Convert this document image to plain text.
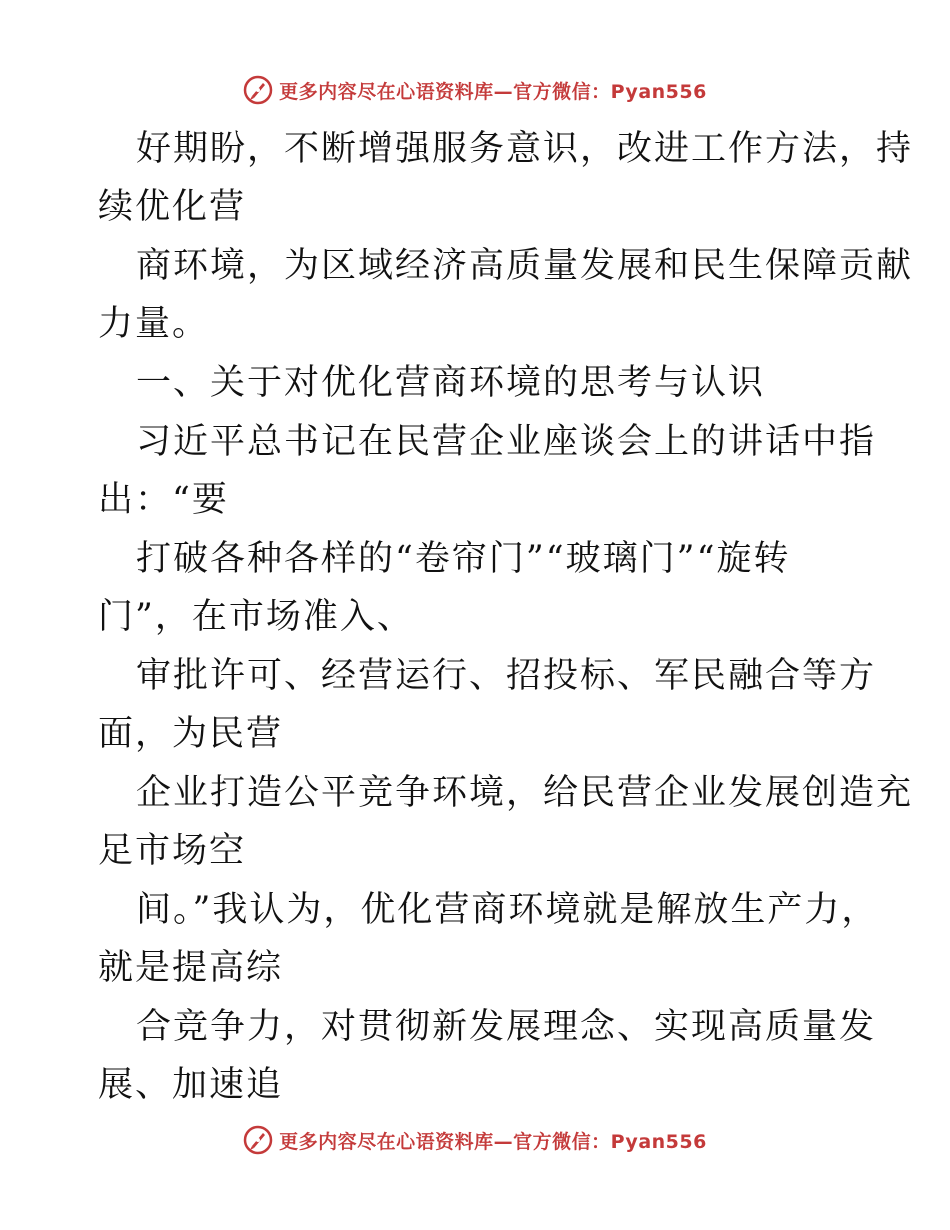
更多内容尽在心语资料库—官方微信：Pyan556
好期盼，不断增强服务意识，改进工作方法，持
续优化营
商环境，为区域经济高质量发展和民生保障贡献
力量。
一、关于对优化营商环境的思考与认识
习近平总书记在民营企业座谈会上的讲话中指
出：“要
打破各种各样的“卷帘门”“玻璃门”“旋转
门”，在市场准入、
审批许可、经营运行、招投标、军民融合等方
面，为民营
企业打造公平竞争环境，给民营企业发展创造充
足市场空
间。”我认为，优化营商环境就是解放生产力，
就是提高综
合竞争力，对贯彻新发展理念、实现高质量发
展、加速追
更多内容尽在心语资料库—官方微信：Pyan556
